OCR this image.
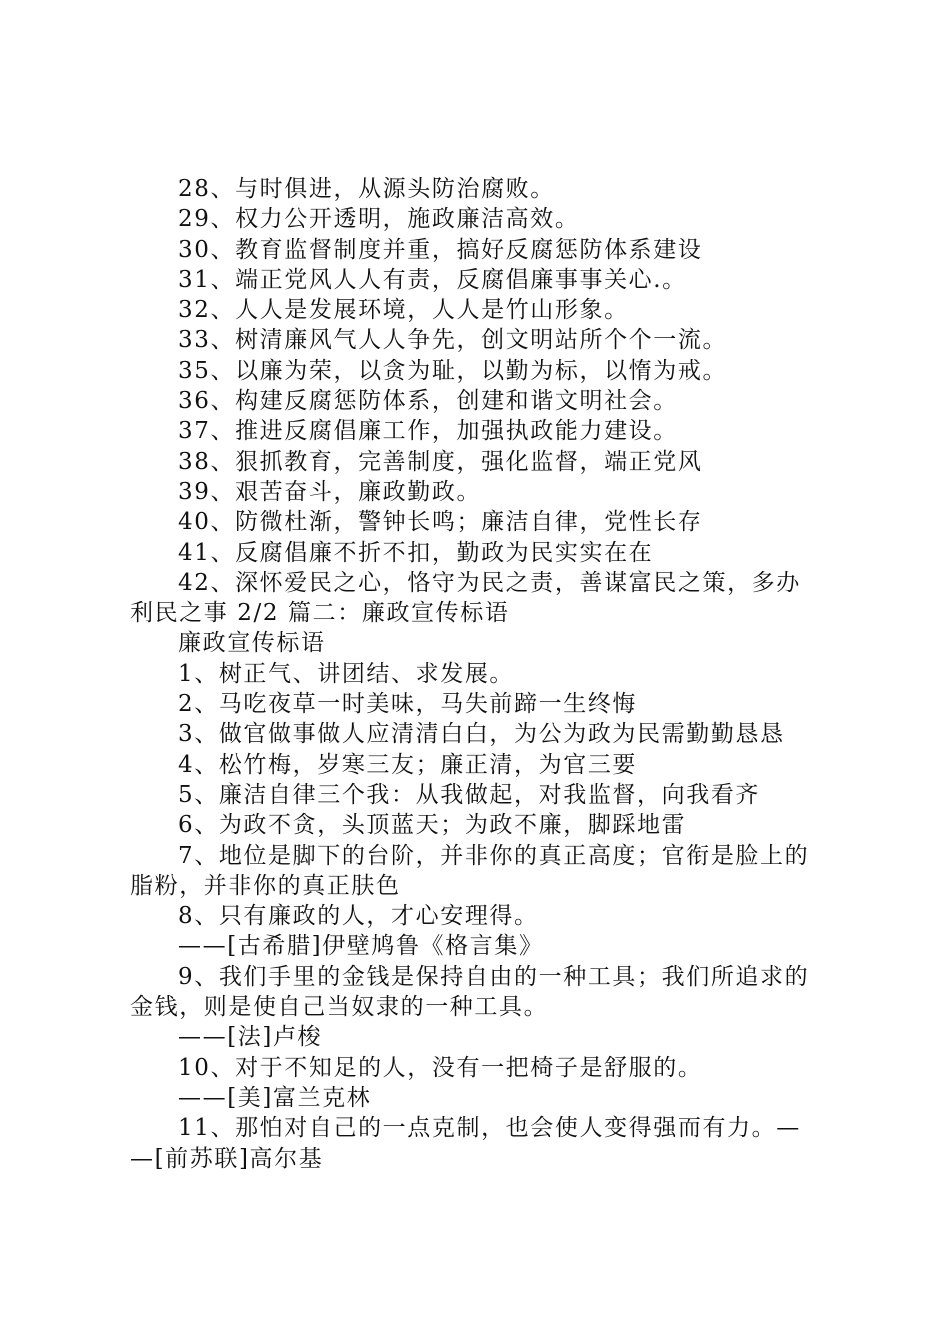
28、与时俱进，从源头防治腐败。

29、权力公开透明，施政廉洁高效。

30、教育监督制度并重，搞好反腐惩防体系建设

31、端正党风人人有责，反腐倡廉事事关心.。

32、人人是发展环境，人人是竹山形象。

33、树清廉风气人人争先，创文明站所个个一流。

35、以廉为荣，以贪为耻，以勤为标，以惰为戒。

36、构建反腐惩防体系，创建和谐文明社会。

37、推进反腐倡廉工作，加强执政能力建设。

38、狠抓教育，完善制度，强化监督，端正党风

39、艰苦奋斗，廉政勤政。

40、防微杜渐，警钟长鸣；廉洁自律，党性长存

41、反腐倡廉不折不扣，勤政为民实实在在

42、深怀爱民之心，恪守为民之责，善谋富民之策，多办

利民之事 2/2 篇二：廉政宣传标语

廉政宣传标语

1、树正气、讲团结、求发展。

2、马吃夜草一时美味，马失前蹄一生终悔

3、做官做事做人应清清白白，为公为政为民需勤勤恳恳

4、松竹梅，岁寒三友；廉正清，为官三要

5、廉洁自律三个我：从我做起，对我监督，向我看齐

6、为政不贪，头顶蓝天；为政不廉，脚踩地雷

7、地位是脚下的台阶，并非你的真正高度；官衔是脸上的

脂粉，并非你的真正肤色

8、只有廉政的人，才心安理得。

——[古希腊]伊壁鸠鲁《格言集》

9、我们手里的金钱是保持自由的一种工具；我们所追求的

金钱，则是使自己当奴隶的一种工具。

——[法]卢梭

10、对于不知足的人，没有一把椅子是舒服的。

——[美]富兰克林

11、那怕对自己的一点克制，也会使人变得强而有力。—

—[前苏联]高尔基
